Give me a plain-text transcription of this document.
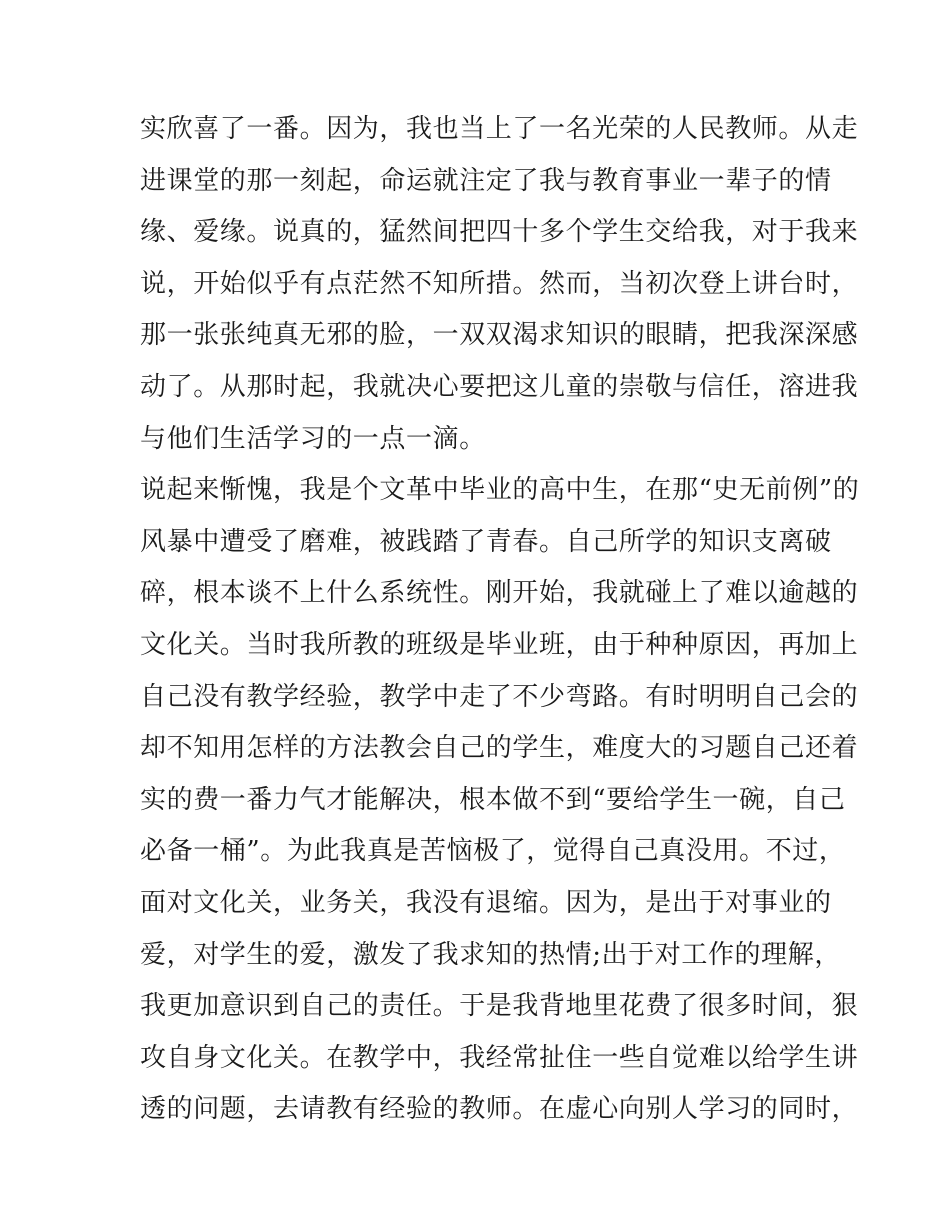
实欣喜了一番。因为，我也当上了一名光荣的人民教师。从走
进课堂的那一刻起，命运就注定了我与教育事业一辈子的情
缘、爱缘。说真的，猛然间把四十多个学生交给我，对于我来
说，开始似乎有点茫然不知所措。然而，当初次登上讲台时，
那一张张纯真无邪的脸，一双双渴求知识的眼睛，把我深深感
动了。从那时起，我就决心要把这儿童的崇敬与信任，溶进我
与他们生活学习的一点一滴。
说起来惭愧，我是个文革中毕业的高中生，在那“史无前例”的
风暴中遭受了磨难，被践踏了青春。自己所学的知识支离破
碎，根本谈不上什么系统性。刚开始，我就碰上了难以逾越的
文化关。当时我所教的班级是毕业班，由于种种原因，再加上
自己没有教学经验，教学中走了不少弯路。有时明明自己会的
却不知用怎样的方法教会自己的学生，难度大的习题自己还着
实的费一番力气才能解决，根本做不到“要给学生一碗，自己
必备一桶”。为此我真是苦恼极了，觉得自己真没用。不过，
面对文化关，业务关，我没有退缩。因为，是出于对事业的
爱，对学生的爱，激发了我求知的热情;出于对工作的理解，
我更加意识到自己的责任。于是我背地里花费了很多时间，狠
攻自身文化关。在教学中，我经常扯住一些自觉难以给学生讲
透的问题，去请教有经验的教师。在虚心向别人学习的同时，
